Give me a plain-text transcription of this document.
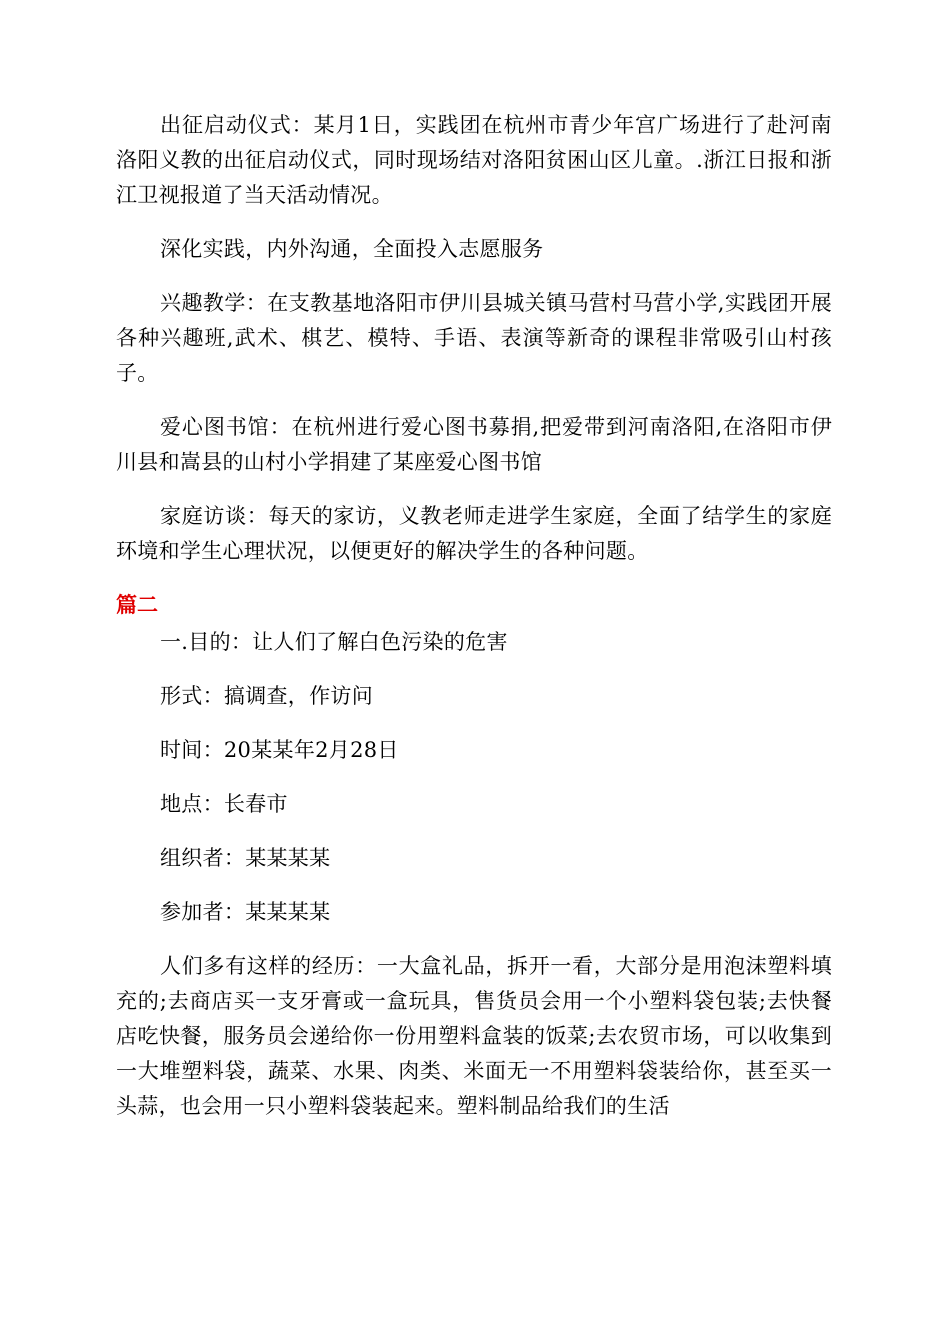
出征启动仪式：某月1日，实践团在杭州市青少年宫广场进行了赴河南洛阳义教的出征启动仪式，同时现场结对洛阳贫困山区儿童。.浙江日报和浙江卫视报道了当天活动情况。

深化实践，内外沟通，全面投入志愿服务

兴趣教学：在支教基地洛阳市伊川县城关镇马营村马营小学,实践团开展各种兴趣班,武术、棋艺、模特、手语、表演等新奇的课程非常吸引山村孩子。

爱心图书馆：在杭州进行爱心图书募捐,把爱带到河南洛阳,在洛阳市伊川县和嵩县的山村小学捐建了某座爱心图书馆

家庭访谈：每天的家访，义教老师走进学生家庭，全面了结学生的家庭环境和学生心理状况，以便更好的解决学生的各种问题。

篇二

一.目的：让人们了解白色污染的危害

形式：搞调查，作访问

时间：20某某年2月28日

地点：长春市

组织者：某某某某

参加者：某某某某

人们多有这样的经历：一大盒礼品，拆开一看，大部分是用泡沫塑料填充的;去商店买一支牙膏或一盒玩具，售货员会用一个小塑料袋包装;去快餐店吃快餐，服务员会递给你一份用塑料盒装的饭菜;去农贸市场，可以收集到一大堆塑料袋，蔬菜、水果、肉类、米面无一不用塑料袋装给你，甚至买一头蒜，也会用一只小塑料袋装起来。塑料制品给我们的生活
